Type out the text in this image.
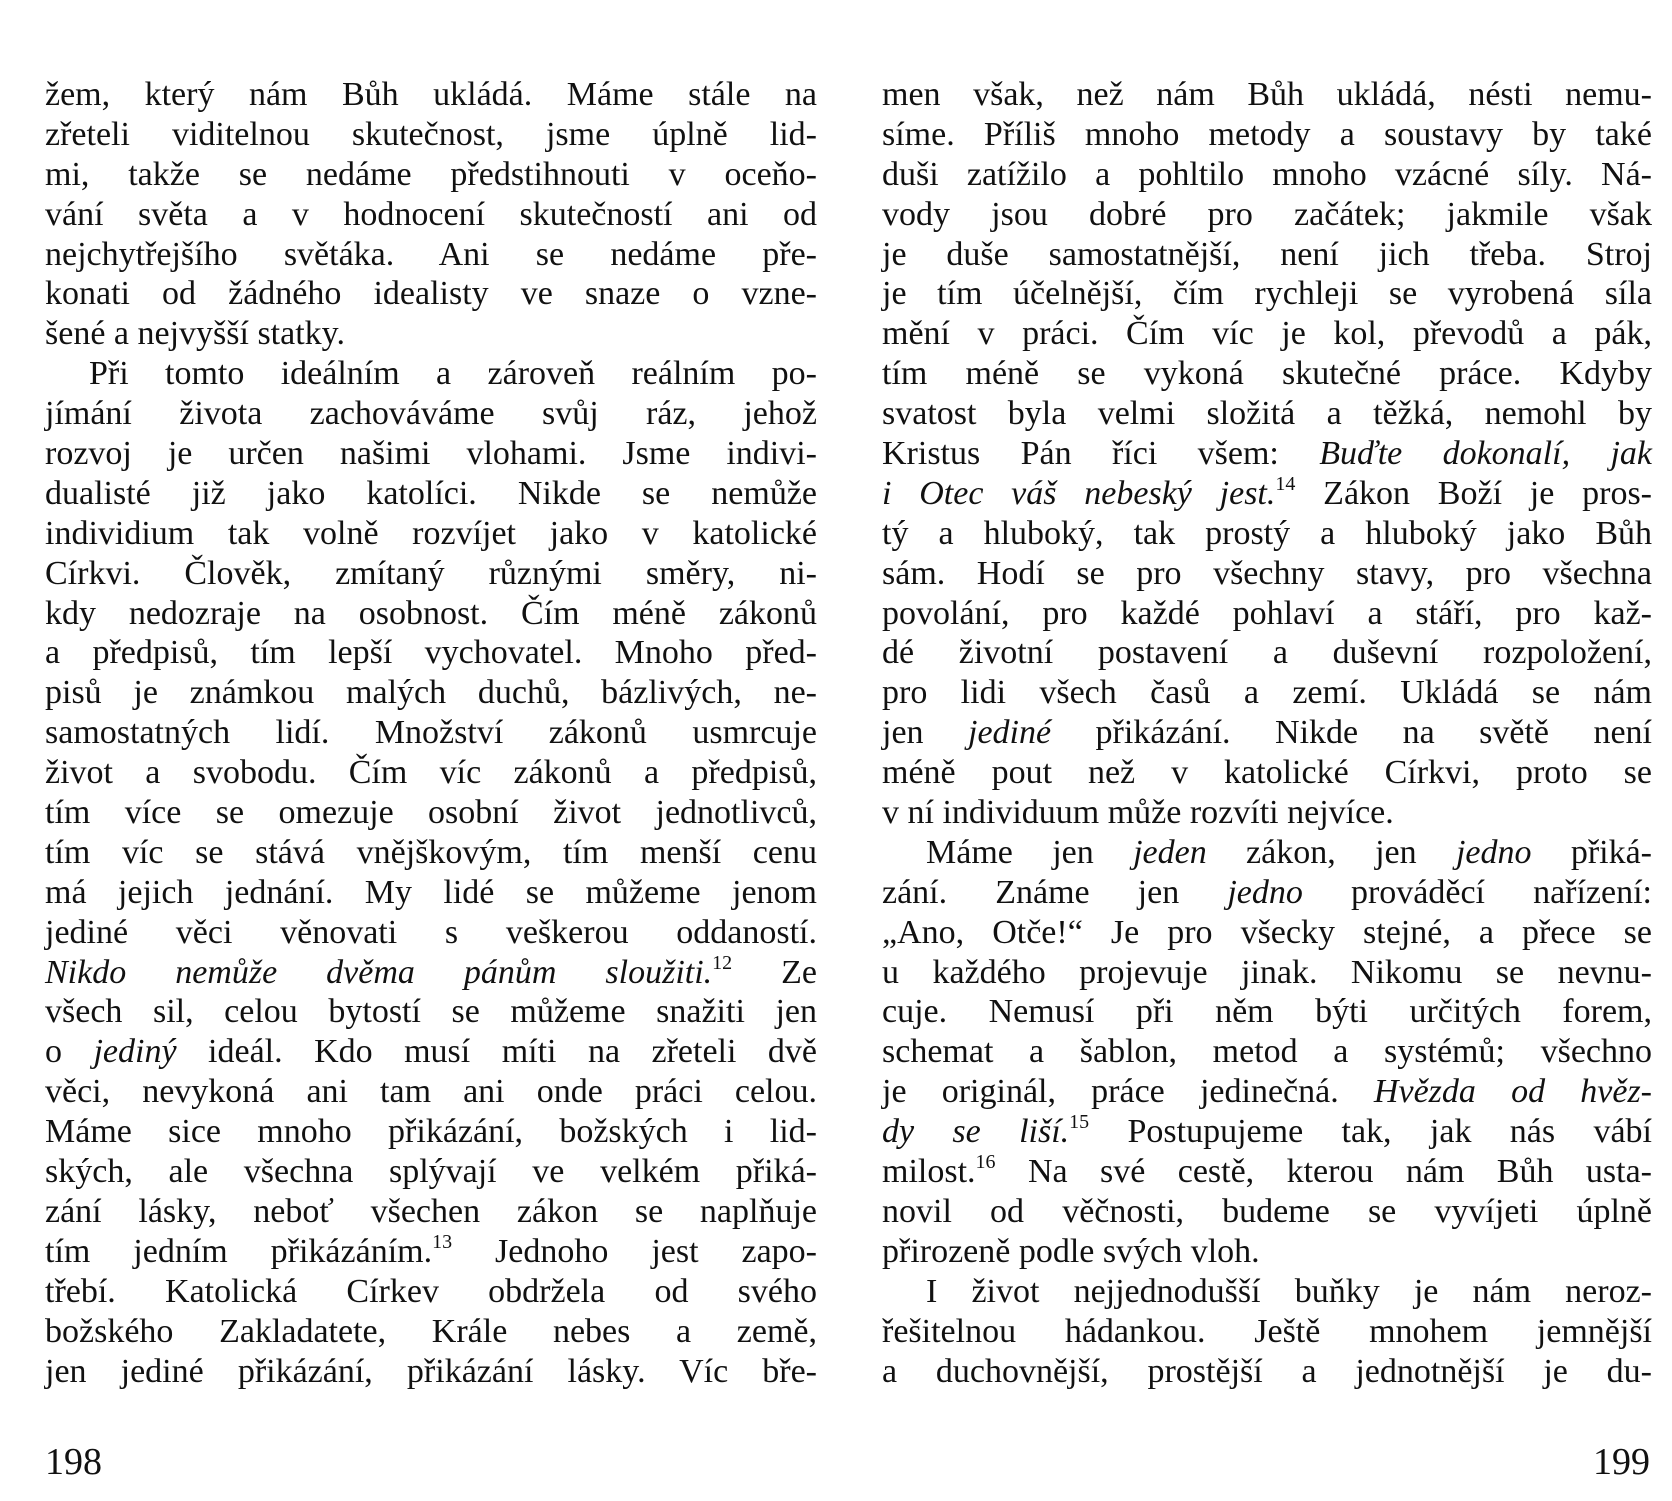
žem, který nám Bůh ukládá. Máme stále na
zřeteli viditelnou skutečnost, jsme úplně lid-
mi, takže se nedáme předstihnouti v oceňo-
vání světa a v hodnocení skutečností ani od
nejchytřejšího světáka. Ani se nedáme pře-
konati od žádného idealisty ve snaze o vzne-
šené a nejvyšší statky.
Při tomto ideálním a zároveň reálním po-
jímání života zachováváme svůj ráz, jehož
rozvoj je určen našimi vlohami. Jsme indivi-
dualisté již jako katolíci. Nikde se nemůže
individium tak volně rozvíjet jako v katolické
Církvi. Člověk, zmítaný různými směry, ni-
kdy nedozraje na osobnost. Čím méně zákonů
a předpisů, tím lepší vychovatel. Mnoho před-
pisů je známkou malých duchů, bázlivých, ne-
samostatných lidí. Množství zákonů usmrcuje
život a svobodu. Čím víc zákonů a předpisů,
tím více se omezuje osobní život jednotlivců,
tím víc se stává vnějškovým, tím menší cenu
má jejich jednání. My lidé se můžeme jenom
jediné věci věnovati s veškerou oddaností.
Nikdo nemůže dvěma pánům sloužiti.$^{12}$ Ze
všech sil, celou bytostí se můžeme snažiti jen
o jediný ideál. Kdo musí míti na zřeteli dvě
věci, nevykoná ani tam ani onde práci celou.
Máme sice mnoho přikázání, božských i lid-
ských, ale všechna splývají ve velkém přiká-
zání lásky, neboť všechen zákon se naplňuje
tím jedním přikázáním.$^{13}$ Jednoho jest zapo-
třebí. Katolická Církev obdržela od svého
božského Zakladatete, Krále nebes a země,
jen jediné přikázání, přikázání lásky. Víc bře-
men však, než nám Bůh ukládá, nésti nemu-
síme. Příliš mnoho metody a soustavy by také
duši zatížilo a pohltilo mnoho vzácné síly. Ná-
vody jsou dobré pro začátek; jakmile však
je duše samostatnější, není jich třeba. Stroj
je tím účelnější, čím rychleji se vyrobená síla
mění v práci. Čím víc je kol, převodů a pák,
tím méně se vykoná skutečné práce. Kdyby
svatost byla velmi složitá a těžká, nemohl by
Kristus Pán říci všem: Buďte dokonalí, jak
i Otec váš nebeský jest.$^{14}$ Zákon Boží je pros-
tý a hluboký, tak prostý a hluboký jako Bůh
sám. Hodí se pro všechny stavy, pro všechna
povolání, pro každé pohlaví a stáří, pro kaž-
dé životní postavení a duševní rozpoložení,
pro lidi všech časů a zemí. Ukládá se nám
jen jediné přikázání. Nikde na světě není
méně pout než v katolické Církvi, proto se
v ní individuum může rozvíti nejvíce.
Máme jen jeden zákon, jen jedno přiká-
zání. Známe jen jedno prováděcí nařízení:
„Ano, Otče!“ Je pro všecky stejné, a přece se
u každého projevuje jinak. Nikomu se nevnu-
cuje. Nemusí při něm býti určitých forem,
schemat a šablon, metod a systémů; všechno
je originál, práce jedinečná. Hvězda od hvěz-
dy se liší.$^{15}$ Postupujeme tak, jak nás vábí
milost.$^{16}$ Na své cestě, kterou nám Bůh usta-
novil od věčnosti, budeme se vyvíjeti úplně
přirozeně podle svých vloh.
I život nejjednodušší buňky je nám neroz-
řešitelnou hádankou. Ještě mnohem jemnější
a duchovnější, prostější a jednotnější je du-
198	199
